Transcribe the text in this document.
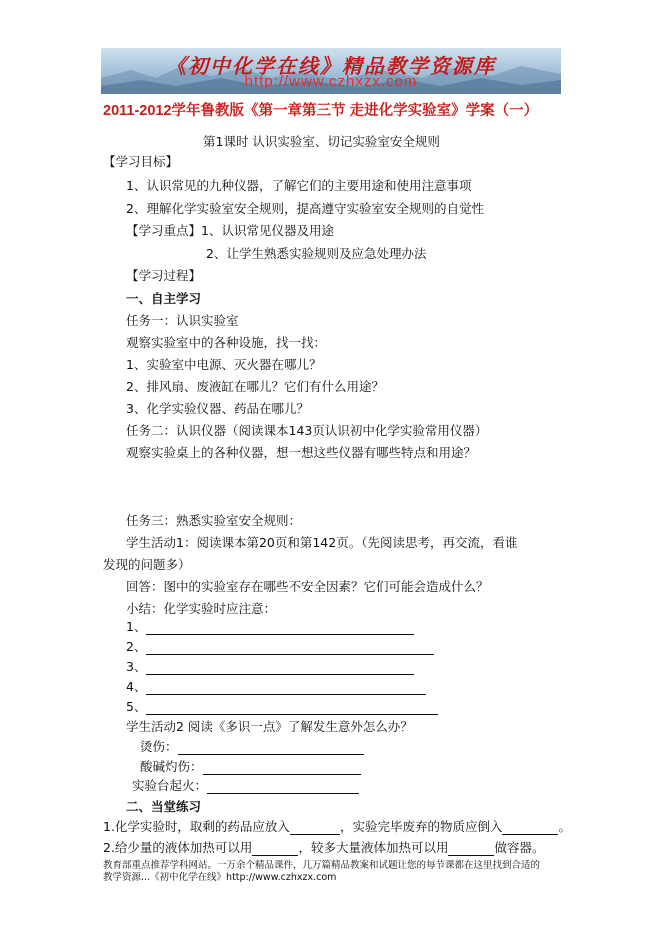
《初中化学在线》精品教学资源库
http://www.czhxzx.com
2011-2012学年鲁教版《第一章第三节 走进化学实验室》学案（一）
第1课时 认识实验室、切记实验室安全规则
【学习目标】
1、认识常见的九种仪器，了解它们的主要用途和使用注意事项
2、理解化学实验室安全规则，提高遵守实验室安全规则的自觉性
【学习重点】1、认识常见仪器及用途
2、让学生熟悉实验规则及应急处理办法
【学习过程】
一、自主学习
任务一：认识实验室
观察实验室中的各种设施，找一找：
1、实验室中电源、灭火器在哪儿？
2、排风扇、废液缸在哪儿？它们有什么用途？
3、化学实验仪器、药品在哪儿？
任务二：认识仪器（阅读课本143页认识初中化学实验常用仪器）
观察实验桌上的各种仪器，想一想这些仪器有哪些特点和用途？
任务三：熟悉实验室安全规则：
学生活动1：阅读课本第20页和第142页。（先阅读思考，再交流，看谁
发现的问题多）
回答：图中的实验室存在哪些不安全因素？它们可能会造成什么？
小结：化学实验时应注意：
1、
2、
3、
4、
5、
学生活动2 阅读《多识一点》了解发生意外怎么办？
烫伤：
酸碱灼伤：
实验台起火：
二、当堂练习
1.化学实验时，取剩的药品应放入	，实验完毕废弃的物质应倒入	。
2.给少量的液体加热可以用	，较多大量液体加热可以用	做容器。
教育部重点推荐学科网站。一万余个精品课件，几万篇精品教案和试题让您的每节课都在这里找到合适的
教学资源...《初中化学在线》http://www.czhxzx.com
